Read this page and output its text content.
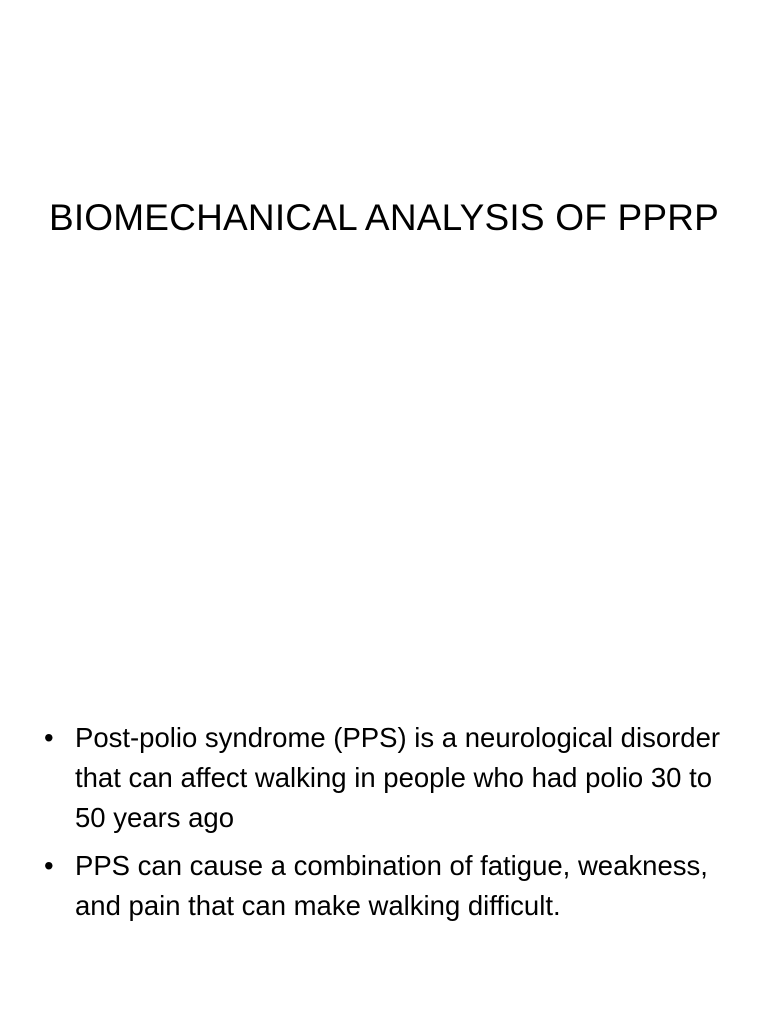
BIOMECHANICAL ANALYSIS OF PPRP
• Post-polio syndrome (PPS) is a neurological disorder that can affect walking in people who had polio 30 to 50 years ago
• PPS can cause a combination of fatigue, weakness, and pain that can make walking difficult.
